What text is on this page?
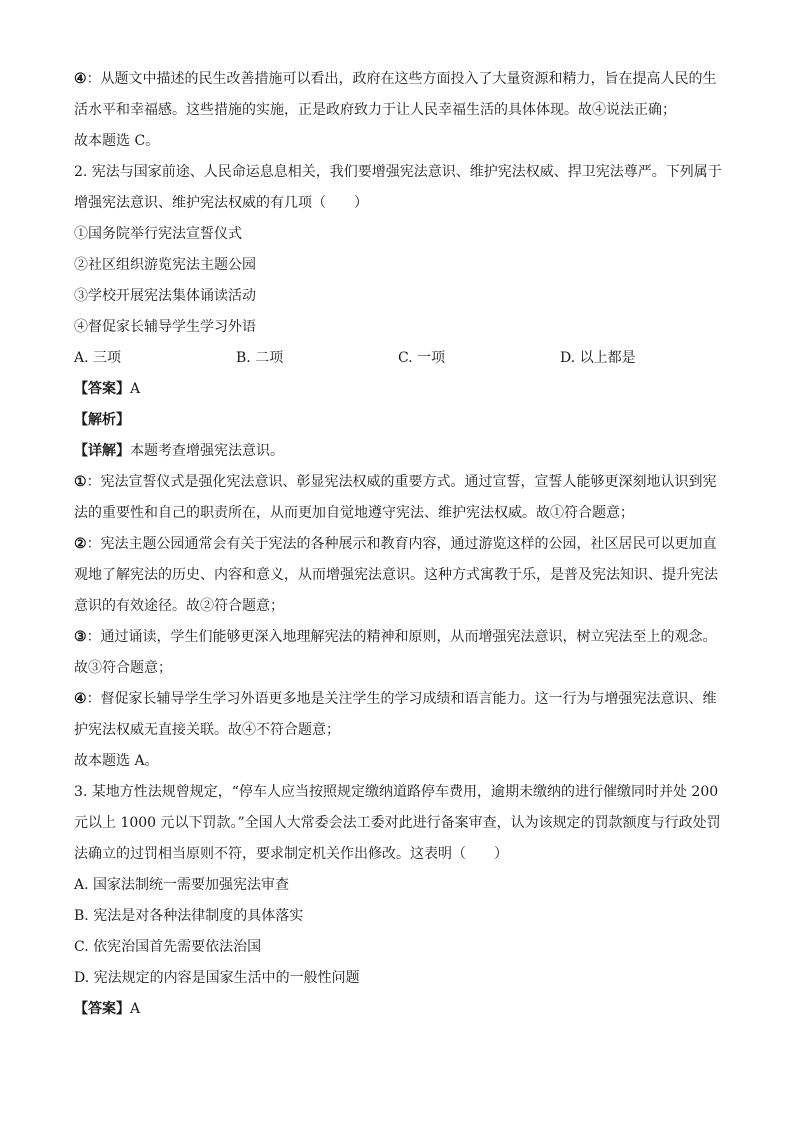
④：从题文中描述的民生改善措施可以看出，政府在这些方面投入了大量资源和精力，旨在提高人民的生
活水平和幸福感。这些措施的实施，正是政府致力于让人民幸福生活的具体体现。故④说法正确；
故本题选 C。
2. 宪法与国家前途、人民命运息息相关，我们要增强宪法意识、维护宪法权威、捍卫宪法尊严。下列属于
增强宪法意识、维护宪法权威的有几项（　　）
①国务院举行宪法宣誓仪式
②社区组织游览宪法主题公园
③学校开展宪法集体诵读活动
④督促家长辅导学生学习外语
A. 三项	B. 二项	C. 一项	D. 以上都是
【答案】A
【解析】
【详解】本题考查增强宪法意识。
①：宪法宣誓仪式是强化宪法意识、彰显宪法权威的重要方式。通过宣誓，宣誓人能够更深刻地认识到宪
法的重要性和自己的职责所在，从而更加自觉地遵守宪法、维护宪法权威。故①符合题意；
②：宪法主题公园通常会有关于宪法的各种展示和教育内容，通过游览这样的公园，社区居民可以更加直
观地了解宪法的历史、内容和意义，从而增强宪法意识。这种方式寓教于乐，是普及宪法知识、提升宪法
意识的有效途径。故②符合题意；
③：通过诵读，学生们能够更深入地理解宪法的精神和原则，从而增强宪法意识，树立宪法至上的观念。
故③符合题意；
④：督促家长辅导学生学习外语更多地是关注学生的学习成绩和语言能力。这一行为与增强宪法意识、维
护宪法权威无直接关联。故④不符合题意；
故本题选 A。
3. 某地方性法规曾规定，“停车人应当按照规定缴纳道路停车费用，逾期未缴纳的进行催缴同时并处 200
元以上 1000 元以下罚款。”全国人大常委会法工委对此进行备案审查，认为该规定的罚款额度与行政处罚
法确立的过罚相当原则不符，要求制定机关作出修改。这表明（　　）
A. 国家法制统一需要加强宪法审查
B. 宪法是对各种法律制度的具体落实
C. 依宪治国首先需要依法治国
D. 宪法规定的内容是国家生活中的一般性问题
【答案】A
